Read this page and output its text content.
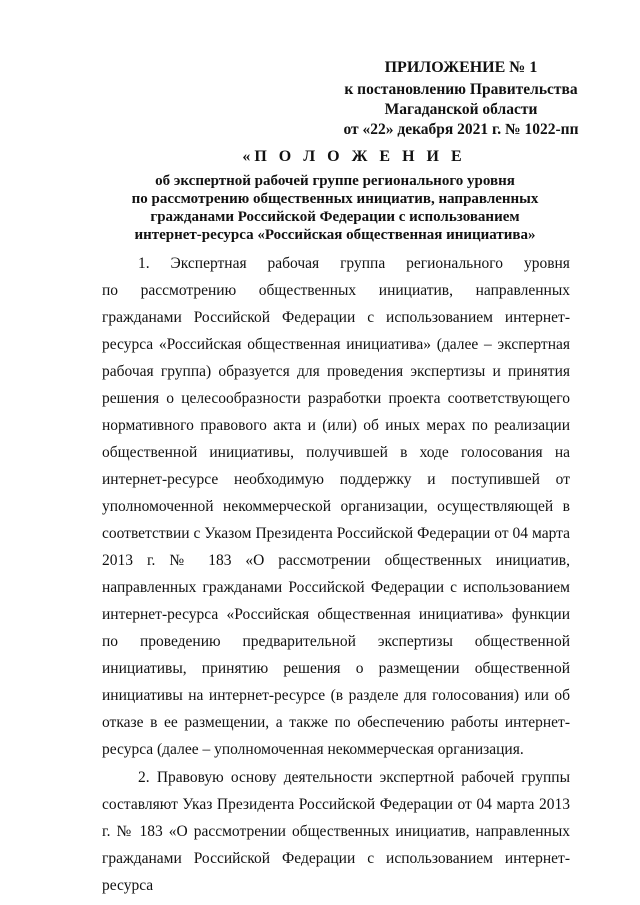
ПРИЛОЖЕНИЕ № 1
к постановлению Правительства
Магаданской области
от «22» декабря 2021 г. № 1022-пп
«П О Л О Ж Е Н И Е
об экспертной рабочей группе регионального уровня
по рассмотрению общественных инициатив, направленных
гражданами Российской Федерации с использованием
интернет-ресурса «Российская общественная инициатива»
1. Экспертная рабочая группа регионального уровня

по рассмотрению общественных инициатив, направленных гражданами Российской Федерации с использованием интернет-ресурса «Российская общественная инициатива» (далее – экспертная рабочая группа) образуется для проведения экспертизы и принятия решения о целесообразности разработки проекта соответствующего нормативного правового акта и (или) об иных мерах по реализации общественной инициативы, получившей в ходе голосования на интернет-ресурсе необходимую поддержку и поступившей от уполномоченной некоммерческой организации, осуществляющей в соответствии с Указом Президента Российской Федерации от 04 марта 2013 г. № 183 «О рассмотрении общественных инициатив, направленных гражданами Российской Федерации с использованием интернет-ресурса «Российская общественная инициатива» функции по проведению предварительной экспертизы общественной инициативы, принятию решения о размещении общественной инициативы на интернет-ресурсе (в разделе для голосования) или об отказе в ее размещении, а также по обеспечению работы интернет-ресурса (далее – уполномоченная некоммерческая организация.

2. Правовую основу деятельности экспертной рабочей группы составляют Указ Президента Российской Федерации от 04 марта 2013 г. № 183 «О рассмотрении общественных инициатив, направленных гражданами Российской Федерации с использованием интернет-ресурса
